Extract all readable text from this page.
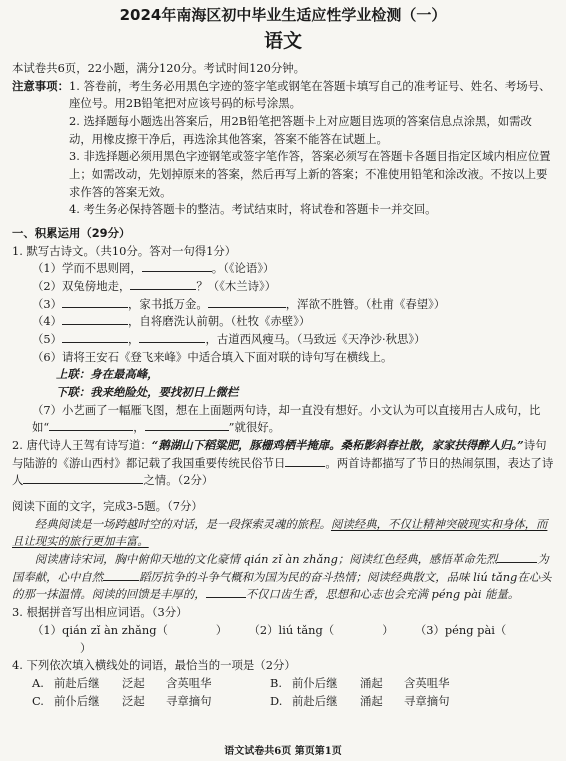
2024年南海区初中毕业生适应性学业检测（一）
语文

本试卷共6页，22小题，满分120分。考试时间120分钟。

注意事项： 1. 答卷前，考生务必用黑色字迹的签字笔或钢笔在答题卡填写自己的准考证号、姓名、考场号、座位号。用2B铅笔把对应该号码的标号涂黑。

2. 选择题每小题选出答案后，用2B铅笔把答题卡上对应题目选项的答案信息点涂黑，如需改动，用橡皮擦干净后，再选涂其他答案，答案不能答在试题上。

3. 非选择题必须用黑色字迹钢笔或签字笔作答，答案必须写在答题卡各题目指定区域内相应位置上；如需改动，先划掉原来的答案，然后再写上新的答案；不准使用铅笔和涂改液。不按以上要求作答的答案无效。

4. 考生务必保持答题卡的整洁。考试结束时，将试卷和答题卡一并交回。

一、积累运用（29分）

1. 默写古诗文。（共10分。答对一句得1分）

（1）学而不思则罔，	。（《论语》）

（2）双兔傍地走，	？（《木兰诗》）

（3）	，家书抵万金。	，浑欲不胜簪。（杜甫《春望》）

（4）	，自将磨洗认前朝。（杜牧《赤壁》）

（5）	，	，古道西风瘦马。（马致远《天净沙·秋思》）

（6）请将王安石《登飞来峰》中适合填入下面对联的诗句写在横线上。

上联：身在最高峰，

下联：我来绝险处，要找初日上微栏

（7）小艺画了一幅雁飞图，想在上面题两句诗，却一直没有想好。小文认为可以直接用古人成句，比如“	，	”就很好。

2. 唐代诗人王驾有诗写道：“鹅湖山下稻粱肥，豚栅鸡栖半掩扉。桑柘影斜春社散，家家扶得醉人归。”诗句与陆游的《游山西村》都记载了我国重要传统民俗节日	。两首诗都描写了节日的热闹氛围，表达了诗人	之情。（2分）

阅读下面的文字，完成3-5题。（7分）

经典阅读是一场跨越时空的对话，是一段探索灵魂的旅程。阅读经典，不仅让精神突破现实和身体，而且让现实的旅行更加丰富。

阅读唐诗宋词，胸中俯仰天地的文化豪情 qián zǐ àn zhǎng；阅读红色经典，感悟革命先烈	为国奉献，心中自然	蹈厉抗争的斗争气概和为国为民的奋斗热情；阅读经典散文，品味 liú tǎng在心头的那一抹温情。阅读的回馈是丰厚的，	不仅口齿生香，思想和心志也会充满 péng pài 能量。

3. 根据拼音写出相应词语。（3分）

（1）qián zǐ àn zhǎng（	） （2）liú tǎng（	） （3）péng pài（）

4. 下列依次填入横线处的词语，最恰当的一项是（2分）

A. 前赴后继	泛起	含英咀华	B. 前仆后继	涌起	含英咀华
C. 前仆后继	泛起	寻章摘句	D. 前赴后继	涌起	寻章摘句
语文试卷共6页 第页第1页
